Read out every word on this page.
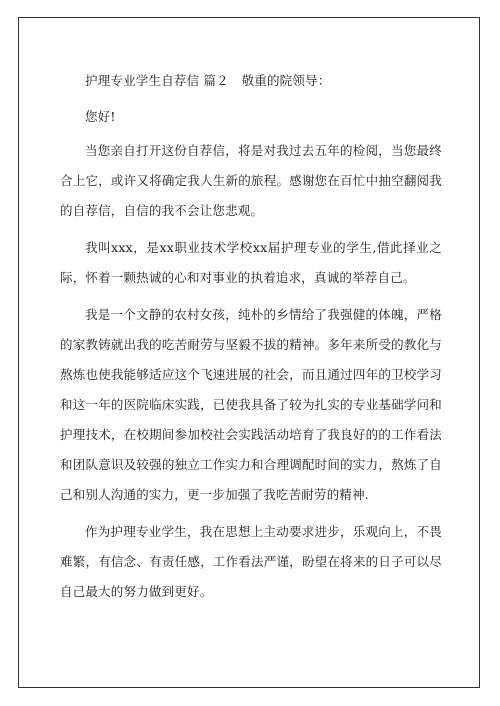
护理专业学生自荐信 篇２　敬重的院领导：

您好!

当您亲自打开这份自荐信，将是对我过去五年的检阅，当您最终合上它，或许又将确定我人生新的旅程。感谢您在百忙中抽空翻阅我的自荐信，自信的我不会让您悲观。

我叫xxx，是xx职业技术学校xx届护理专业的学生,借此择业之际，怀着一颗热诚的心和对事业的执着追求，真诚的举荐自己。

我是一个文静的农村女孩，纯朴的乡情给了我强健的体魄，严格的家教铸就出我的吃苦耐劳与坚毅不拔的精神。多年来所受的教化与熬炼也使我能够适应这个飞速进展的社会，而且通过四年的卫校学习和这一年的医院临床实践，已使我具备了较为扎实的专业基础学问和护理技术，在校期间参加校社会实践活动培育了我良好的的工作看法和团队意识及较强的独立工作实力和合理调配时间的实力，熬炼了自己和别人沟通的实力，更一步加强了我吃苦耐劳的精神.

作为护理专业学生，我在思想上主动要求进步，乐观向上，不畏难繁，有信念、有责任感，工作看法严谨，盼望在将来的日子可以尽自己最大的努力做到更好。
